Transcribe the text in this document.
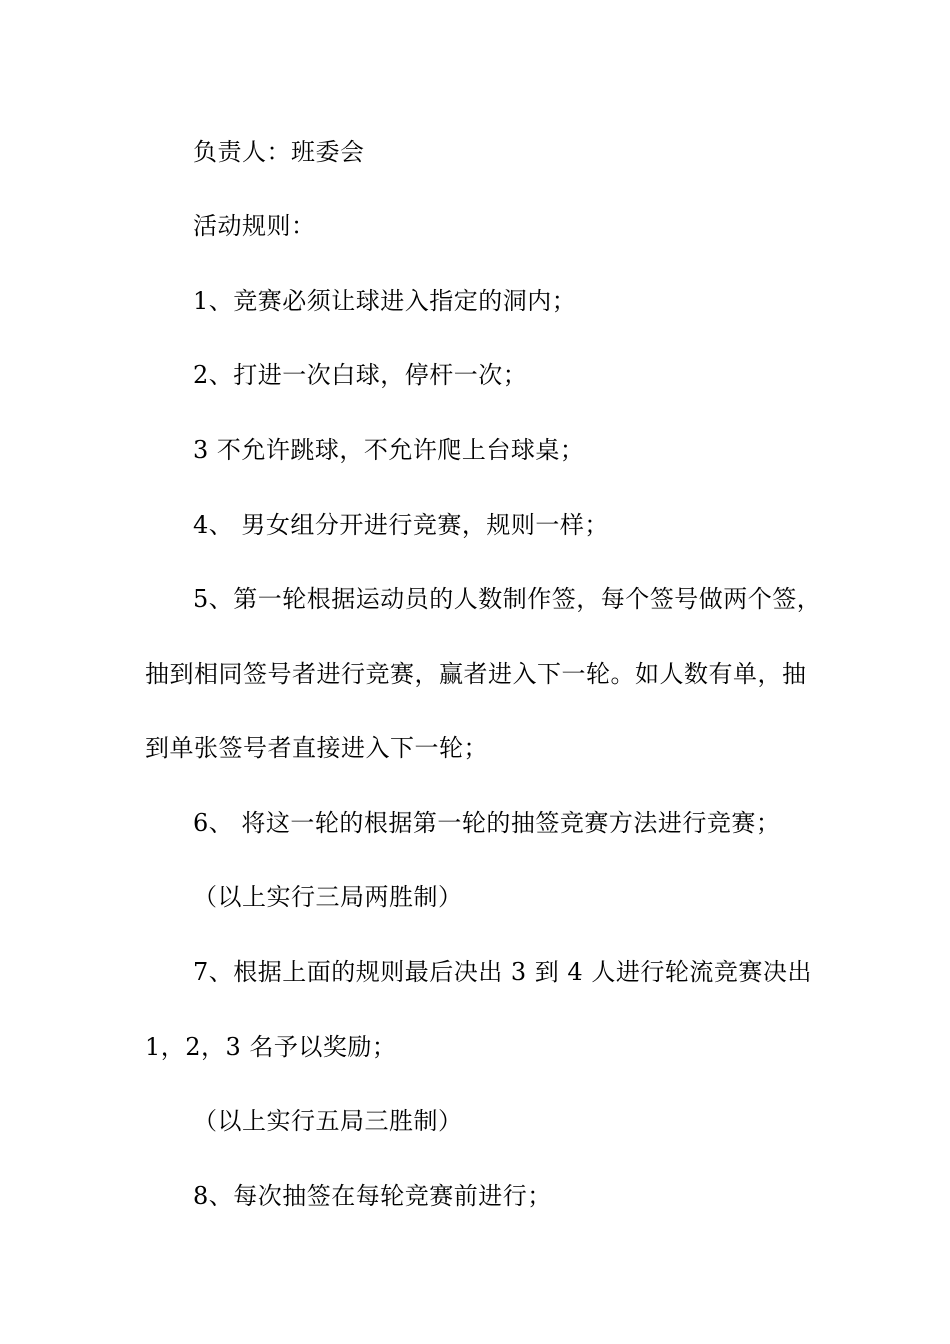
负责人：班委会
活动规则：
1、竞赛必须让球进入指定的洞内；
2、打进一次白球，停杆一次；
3 不允许跳球，不允许爬上台球桌；
4、 男女组分开进行竞赛，规则一样；
5、第一轮根据运动员的人数制作签，每个签号做两个签，
抽到相同签号者进行竞赛，赢者进入下一轮。如人数有单，抽
到单张签号者直接进入下一轮；
6、 将这一轮的根据第一轮的抽签竞赛方法进行竞赛；
（以上实行三局两胜制）
7、根据上面的规则最后决出 3 到 4 人进行轮流竞赛决出
1，2，3 名予以奖励；
（以上实行五局三胜制）
8、每次抽签在每轮竞赛前进行；
